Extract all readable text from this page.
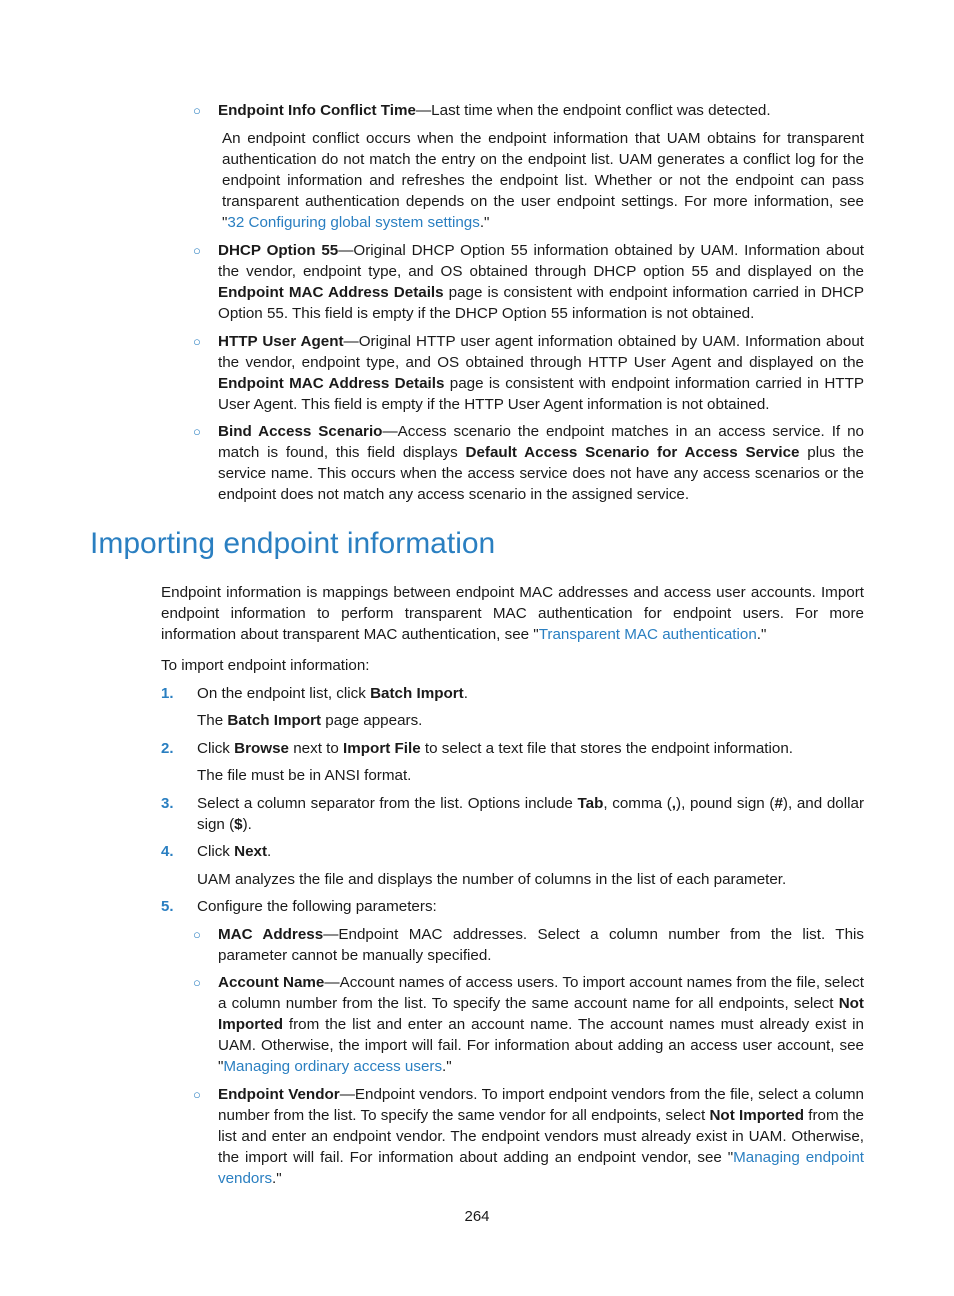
○ Endpoint Info Conflict Time—Last time when the endpoint conflict was detected.
An endpoint conflict occurs when the endpoint information that UAM obtains for transparent authentication do not match the entry on the endpoint list. UAM generates a conflict log for the endpoint information and refreshes the endpoint list. Whether or not the endpoint can pass transparent authentication depends on the user endpoint settings. For more information, see "32 Configuring global system settings."
○ DHCP Option 55—Original DHCP Option 55 information obtained by UAM. Information about the vendor, endpoint type, and OS obtained through DHCP option 55 and displayed on the Endpoint MAC Address Details page is consistent with endpoint information carried in DHCP Option 55. This field is empty if the DHCP Option 55 information is not obtained.
○ HTTP User Agent—Original HTTP user agent information obtained by UAM. Information about the vendor, endpoint type, and OS obtained through HTTP User Agent and displayed on the Endpoint MAC Address Details page is consistent with endpoint information carried in HTTP User Agent. This field is empty if the HTTP User Agent information is not obtained.
○ Bind Access Scenario—Access scenario the endpoint matches in an access service. If no match is found, this field displays Default Access Scenario for Access Service plus the service name. This occurs when the access service does not have any access scenarios or the endpoint does not match any access scenario in the assigned service.
Importing endpoint information
Endpoint information is mappings between endpoint MAC addresses and access user accounts. Import endpoint information to perform transparent MAC authentication for endpoint users. For more information about transparent MAC authentication, see "Transparent MAC authentication."
To import endpoint information:
1. On the endpoint list, click Batch Import.
The Batch Import page appears.
2. Click Browse next to Import File to select a text file that stores the endpoint information.
The file must be in ANSI format.
3. Select a column separator from the list. Options include Tab, comma (,), pound sign (#), and dollar sign ($).
4. Click Next.
UAM analyzes the file and displays the number of columns in the list of each parameter.
5. Configure the following parameters:
○ MAC Address—Endpoint MAC addresses. Select a column number from the list. This parameter cannot be manually specified.
○ Account Name—Account names of access users. To import account names from the file, select a column number from the list. To specify the same account name for all endpoints, select Not Imported from the list and enter an account name. The account names must already exist in UAM. Otherwise, the import will fail. For information about adding an access user account, see "Managing ordinary access users."
○ Endpoint Vendor—Endpoint vendors. To import endpoint vendors from the file, select a column number from the list. To specify the same vendor for all endpoints, select Not Imported from the list and enter an endpoint vendor. The endpoint vendors must already exist in UAM. Otherwise, the import will fail. For information about adding an endpoint vendor, see "Managing endpoint vendors."
264
